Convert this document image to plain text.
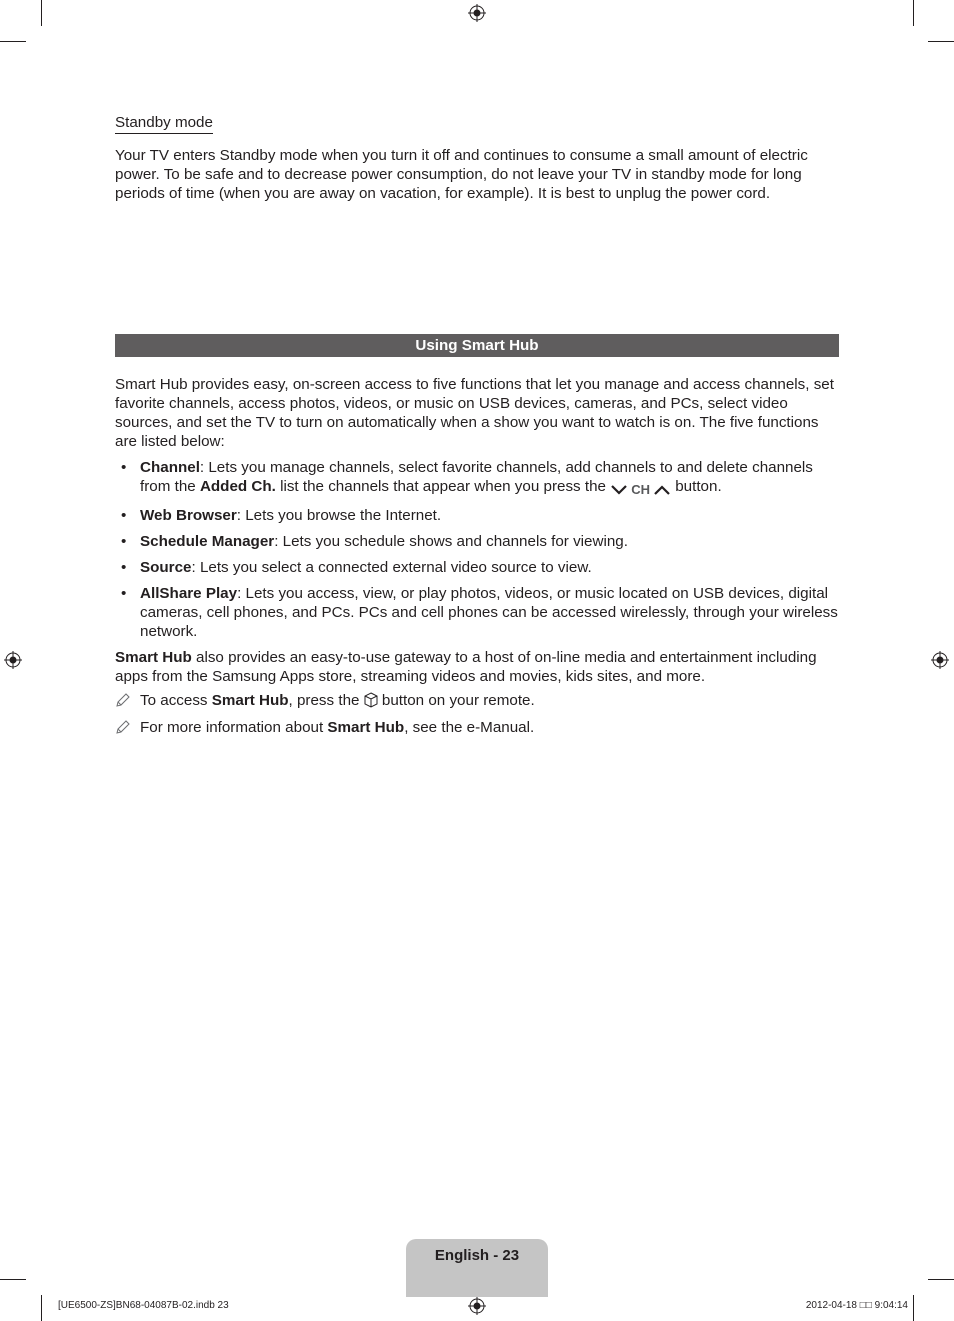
Standby mode

Your TV enters Standby mode when you turn it off and continues to consume a small amount of electric power. To be safe and to decrease power consumption, do not leave your TV in standby mode for long periods of time (when you are away on vacation, for example). It is best to unplug the power cord.

Using Smart Hub

Smart Hub provides easy, on-screen access to five functions that let you manage and access channels, set favorite channels, access photos, videos, or music on USB devices, cameras, and PCs, select video sources, and set the TV to turn on automatically when a show you want to watch is on. The five functions are listed below:

• Channel: Lets you manage channels, select favorite channels, add channels to and delete channels from the Added Ch. list the channels that appear when you press the CH button.
• Web Browser: Lets you browse the Internet.
• Schedule Manager: Lets you schedule shows and channels for viewing.
• Source: Lets you select a connected external video source to view.
• AllShare Play: Lets you access, view, or play photos, videos, or music located on USB devices, digital cameras, cell phones, and PCs. PCs and cell phones can be accessed wirelessly, through your wireless network.

Smart Hub also provides an easy-to-use gateway to a host of on-line media and entertainment including apps from the Samsung Apps store, streaming videos and movies, kids sites, and more.

To access Smart Hub, press the  button on your remote.
For more information about Smart Hub, see the e-Manual.
English - 23
[UE6500-ZS]BN68-04087B-02.indb 23	2012-04-18 □□ 9:04:14
